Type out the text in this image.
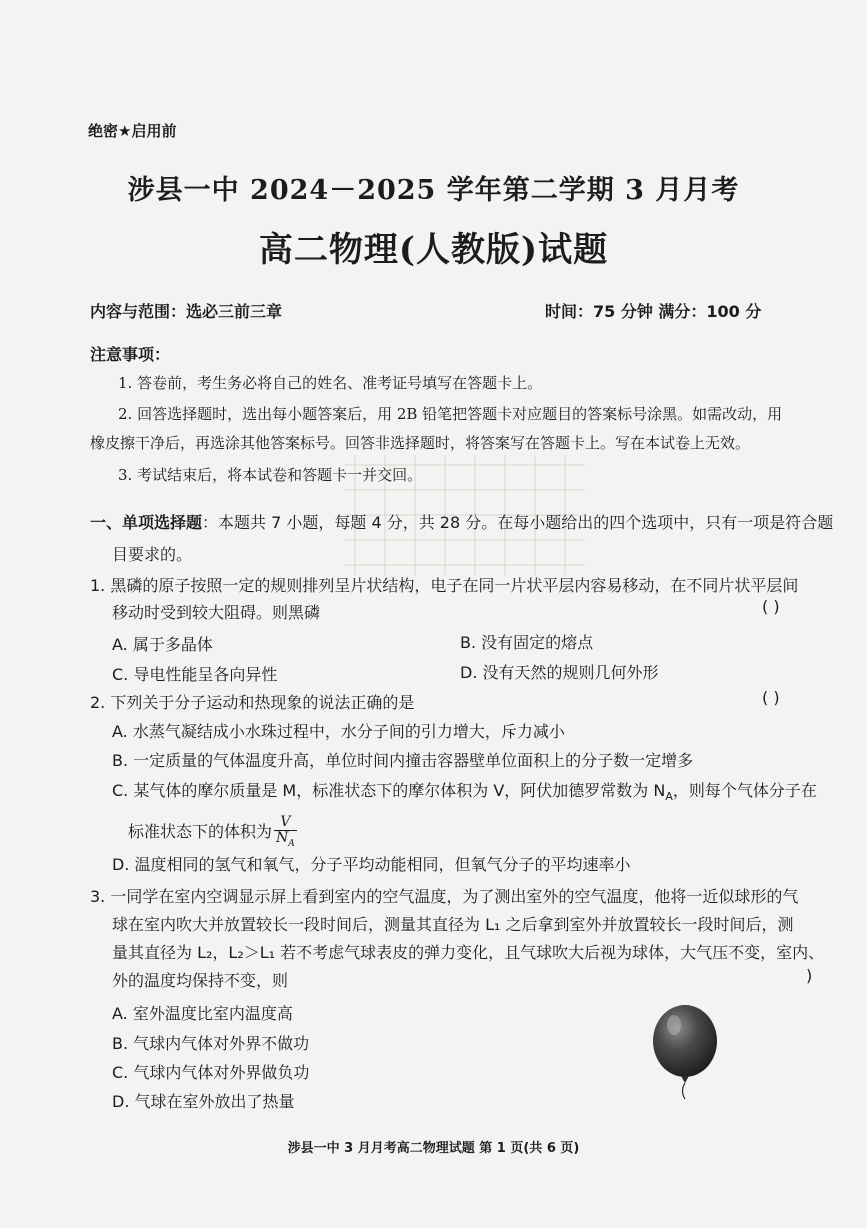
绝密★启用前
涉县一中 2024－2025 学年第二学期 3 月月考
高二物理(人教版)试题
内容与范围：选必三前三章	时间：75 分钟 满分：100 分
注意事项：
1. 答卷前，考生务必将自己的姓名、准考证号填写在答题卡上。
2. 回答选择题时，选出每小题答案后，用 2B 铅笔把答题卡对应题目的答案标号涂黑。如需改动，用
橡皮擦干净后，再选涂其他答案标号。回答非选择题时，将答案写在答题卡上。写在本试卷上无效。
3. 考试结束后，将本试卷和答题卡一并交回。
一、单项选择题：本题共 7 小题，每题 4 分，共 28 分。在每小题给出的四个选项中，只有一项是符合题
目要求的。
1. 黑磷的原子按照一定的规则排列呈片状结构，电子在同一片状平层内容易移动，在不同片状平层间
移动时受到较大阻碍。则黑磷	( )
A. 属于多晶体	B. 没有固定的熔点
C. 导电性能呈各向异性	D. 没有天然的规则几何外形
2. 下列关于分子运动和热现象的说法正确的是	( )
A. 水蒸气凝结成小水珠过程中，水分子间的引力增大，斥力减小
B. 一定质量的气体温度升高，单位时间内撞击容器壁单位面积上的分子数一定增多
C. 某气体的摩尔质量是 M，标准状态下的摩尔体积为 V，阿伏加德罗常数为 $N_A$，则每个气体分子在
标准状态下的体积为 $\frac{V}{N_A}$
D. 温度相同的氢气和氧气，分子平均动能相同，但氧气分子的平均速率小
3. 一同学在室内空调显示屏上看到室内的空气温度，为了测出室外的空气温度，他将一近似球形的气
球在室内吹大并放置较长一段时间后，测量其直径为 L₁ 之后拿到室外并放置较长一段时间后，测
量其直径为 L₂，L₂＞L₁ 若不考虑气球表皮的弹力变化，且气球吹大后视为球体，大气压不变，室内、
外的温度均保持不变，则	)
A. 室外温度比室内温度高
B. 气球内气体对外界不做功
C. 气球内气体对外界做负功
D. 气球在室外放出了热量
涉县一中 3 月月考高二物理试题 第 1 页(共 6 页)
